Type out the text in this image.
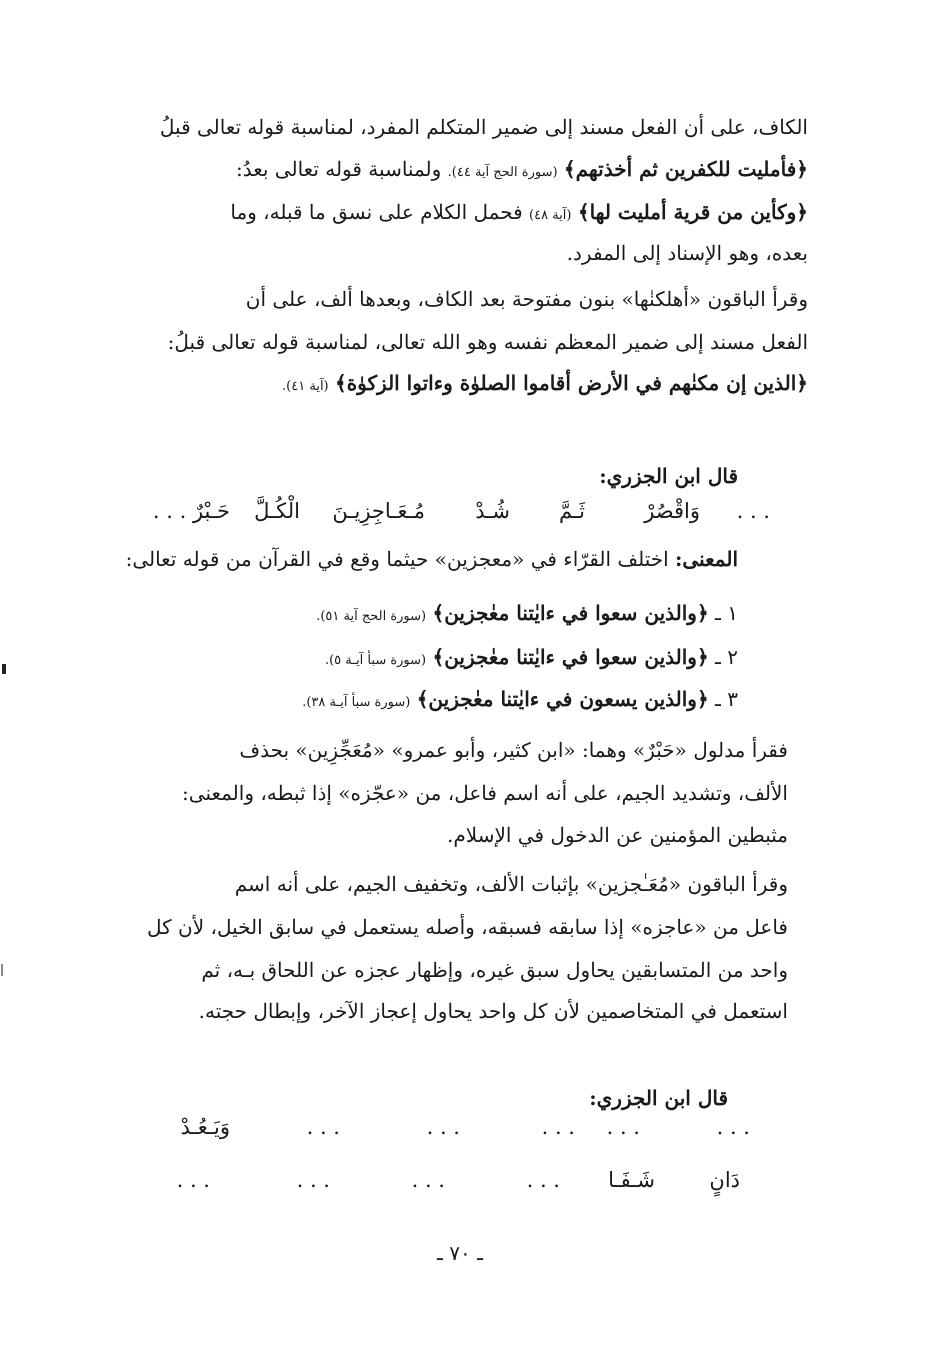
الكاف، على أن الفعل مسند إلى ضمير المتكلم المفرد، لمناسبة قوله تعالى قبلُ
﴿فأمليت للكفرين ثم أخذتهم﴾ (سورة الحج آية ٤٤). ولمناسبة قوله تعالى بعدُ:
﴿وكأين من قرية أمليت لها﴾ (آية ٤٨) فحمل الكلام على نسق ما قبله، وما
بعده، وهو الإسناد إلى المفرد.
وقرأ الباقون «أهلكنٰها» بنون مفتوحة بعد الكاف، وبعدها ألف، على أن
الفعل مسند إلى ضمير المعظم نفسه وهو الله تعالى، لمناسبة قوله تعالى قبلُ:
﴿الذين إن مكنٰهم في الأرض أقاموا الصلوٰة وءاتوا الزكوٰة﴾ (آية ٤١).
قال ابن الجزري:
وَاقْصُرْ
ثَـمَّ
شُـدْ
مُـعَـاجِزِيـنَ
الْكُـلَّ
حَـبْرٌ . . .	. . .
المعنى: اختلف القرّاء في «معجزين» حيثما وقع في القرآن من قوله تعالى:
١ ـ ﴿والذين سعوا في ءايٰتنا معٰجزين﴾ (سورة الحج آية ٥١).
٢ ـ ﴿والذين سعوا في ءايٰتنا معٰجزين﴾ (سورة سبأ آيـة ٥).
٣ ـ ﴿والذين يسعون في ءايٰتنا معٰجزين﴾ (سورة سبأ آيـة ٣٨).
فقرأ مدلول «حَبْرٌ» وهما: «ابن كثير، وأبو عمرو» «مُعَجِّزِين» بحذف
الألف، وتشديد الجيم، على أنه اسم فاعل، من «عجّزه» إذا ثبطه، والمعنى:
مثبطين المؤمنين عن الدخول في الإسلام.
وقرأ الباقون «مُعَـٰجزين» بإثبات الألف، وتخفيف الجيم، على أنه اسم
فاعل من «عاجزه» إذا سابقه فسبقه، وأصله يستعمل في سابق الخيل، لأن كل
واحد من المتسابقين يحاول سبق غيره، وإظهار عجزه عن اللحاق بـه، ثم
استعمل في المتخاصمين لأن كل واحد يحاول إعجاز الآخر، وإبطال حجته.
قال ابن الجزري:
وَيَـعُـدْ	. . .	. . .	. . . . . .	. . .
. . .	. . .	. . .	. . . شَـفَـا	دَانٍ
ـ ٧٠ ـ
